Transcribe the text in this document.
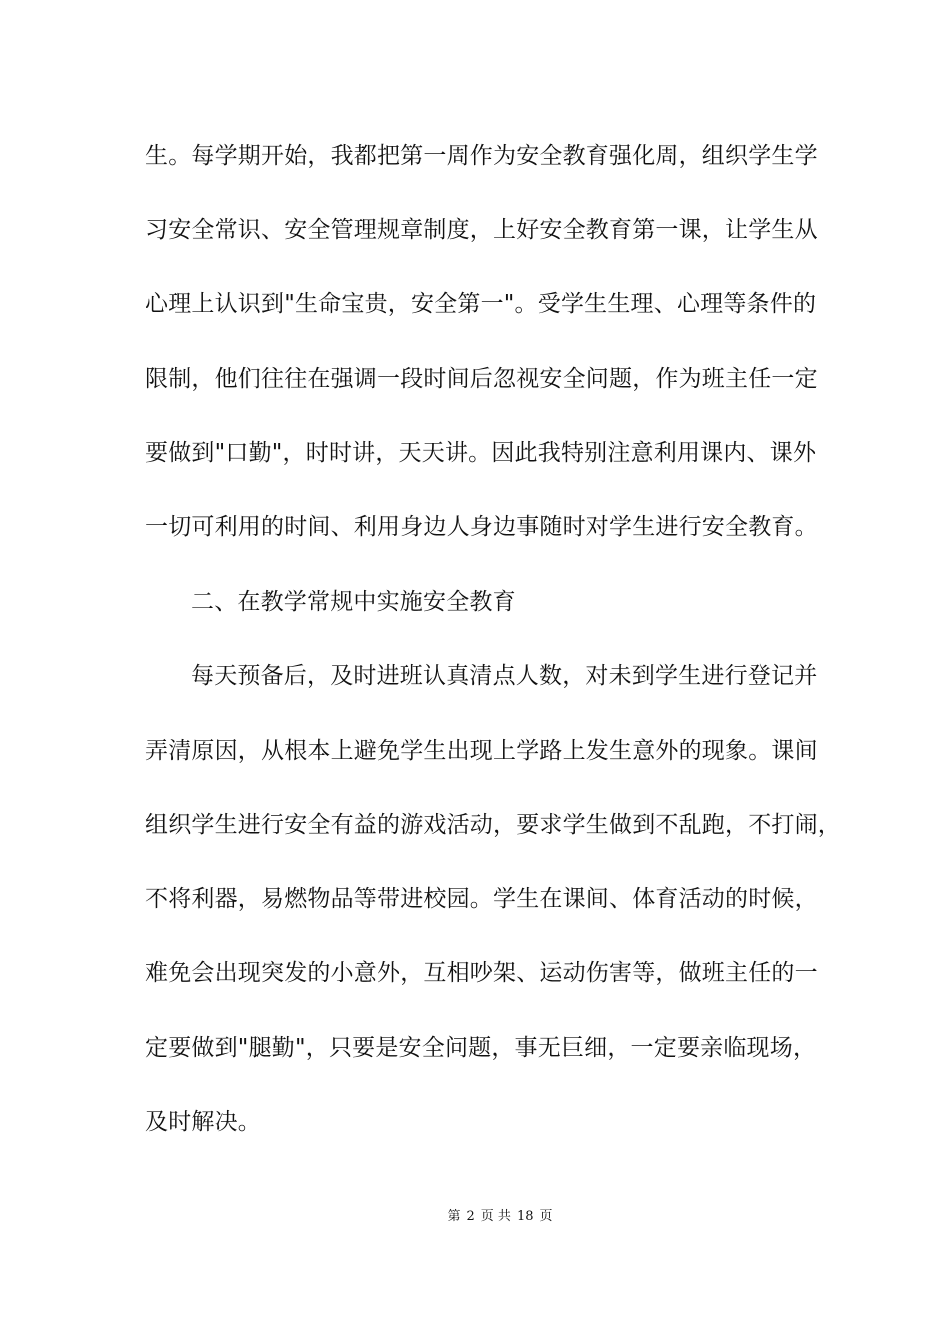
生。每学期开始，我都把第一周作为安全教育强化周，组织学生学
习安全常识、安全管理规章制度，上好安全教育第一课，让学生从
心理上认识到"生命宝贵，安全第一"。受学生生理、心理等条件的
限制，他们往往在强调一段时间后忽视安全问题，作为班主任一定
要做到"口勤"，时时讲，天天讲。因此我特别注意利用课内、课外
一切可利用的时间、利用身边人身边事随时对学生进行安全教育。
二、在教学常规中实施安全教育
每天预备后，及时进班认真清点人数，对未到学生进行登记并
弄清原因，从根本上避免学生出现上学路上发生意外的现象。课间
组织学生进行安全有益的游戏活动，要求学生做到不乱跑，不打闹，
不将利器，易燃物品等带进校园。学生在课间、体育活动的时候，
难免会出现突发的小意外，互相吵架、运动伤害等，做班主任的一
定要做到"腿勤"，只要是安全问题，事无巨细，一定要亲临现场，
及时解决。
第 2 页 共 18 页
